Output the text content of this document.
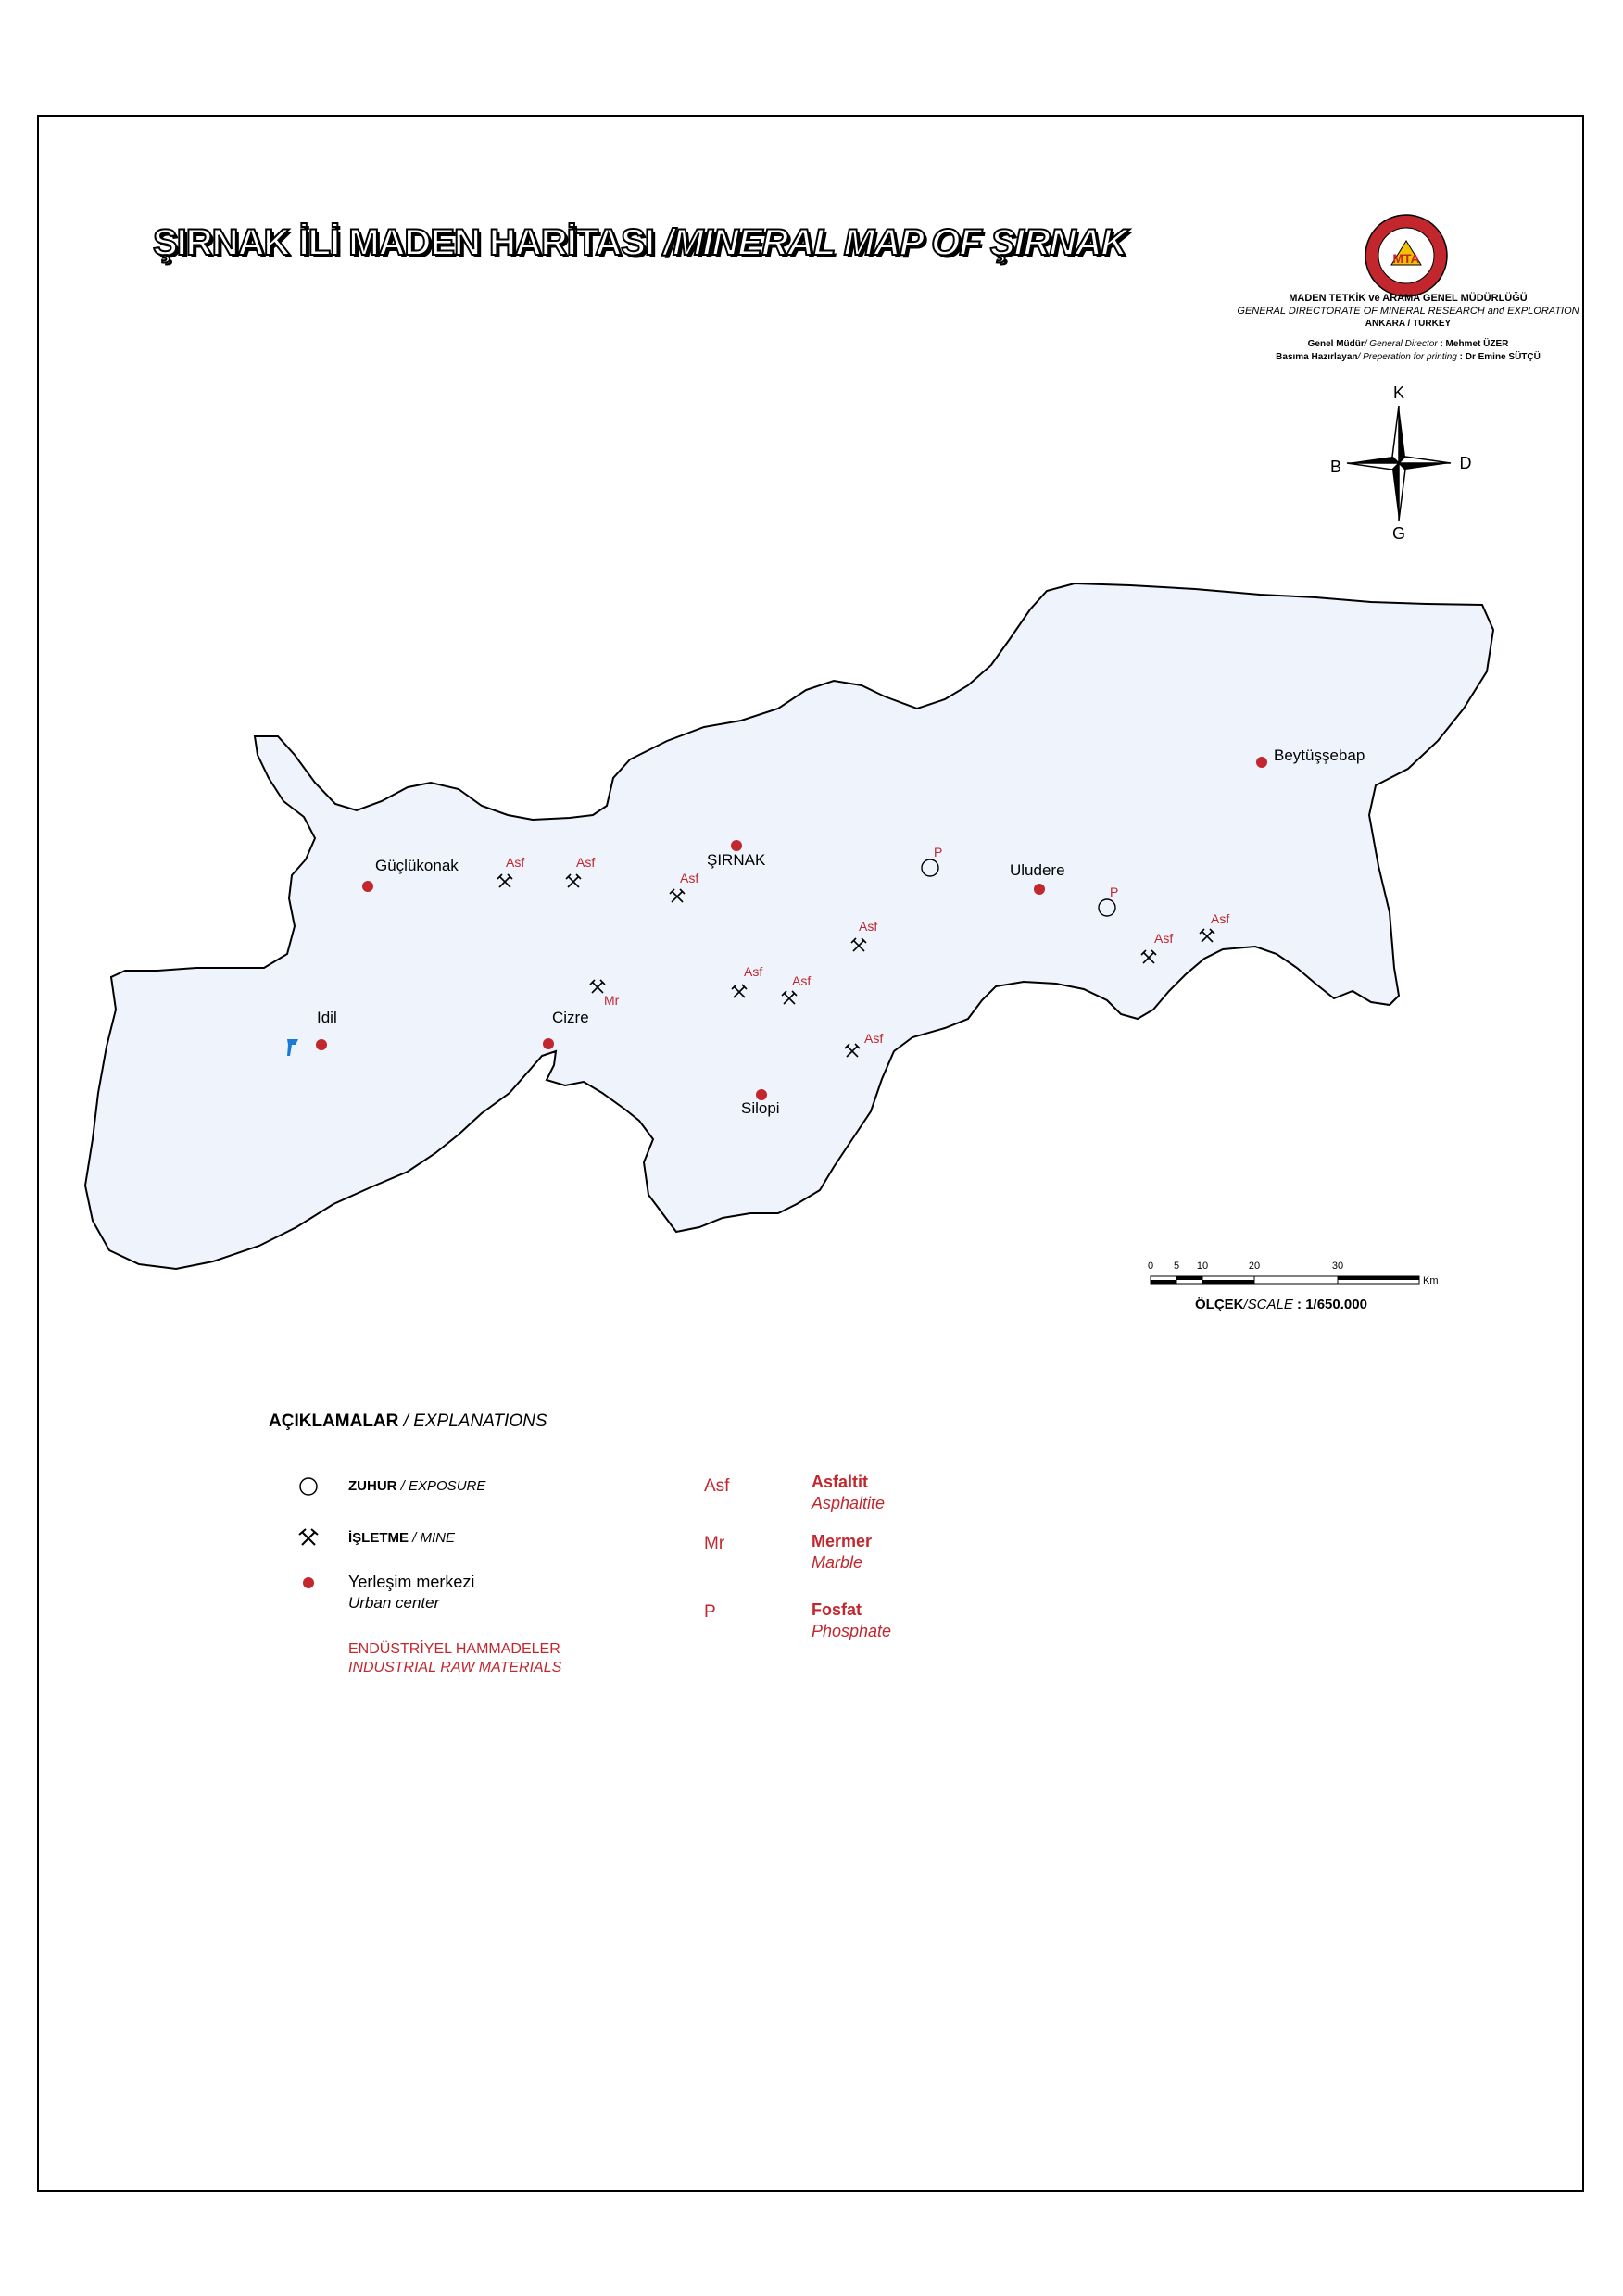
ŞIRNAK İLİ MADEN HARİTASI /MINERAL MAP OF ŞIRNAK	MTA
MADEN TETKİK ve ARAMA GENEL MÜDÜRLÜĞÜ
GENERAL DIRECTORATE OF MINERAL RESEARCH and EXPLORATION
ANKARA / TURKEY
Genel Müdür/ General Director : Mehmet ÜZER
Basıma Hazırlayan/ Preperation for printing : Dr Emine SÜTÇÜ
K
G
D
B
Beytüşşebap
Güçlükonak	ŞIRNAK
Uludere
Idil	Cizre
Silopi
Asf	Asf
Asf
Asf
Mr
Asf
Asf
Asf
Asf
Asf
P
P
0 5 10	20	30
Km
ÖLÇEK/SCALE : 1/650.000
AÇIKLAMALAR / EXPLANATIONS
ZUHUR / EXPOSURE
İŞLETME / MINE
Yerleşim merkezi
Urban center
ENDÜSTRİYEL HAMMADELER
INDUSTRIAL RAW MATERIALS
Asf	Asfaltit
Asphaltite
Mr	Mermer
Marble
P	Fosfat
Phosphate
